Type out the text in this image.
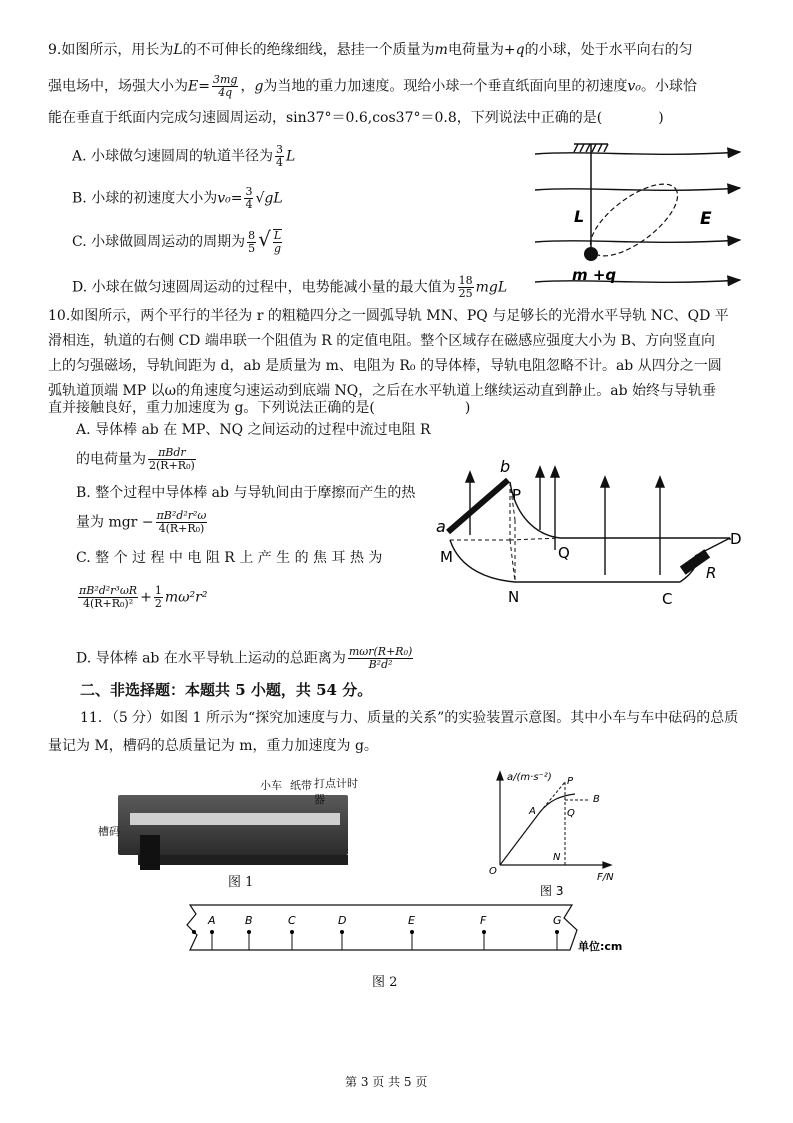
9.如图所示，用长为L的不可伸长的绝缘细线，悬挂一个质量为m电荷量为+q的小球，处于水平向右的匀
强电场中，场强大小为$E= \frac{3mg}{4q}$ ，g为当地的重力加速度。现给小球一个垂直纸面向里的初速度v₀。小球恰
能在垂直于纸面内完成匀速圆周运动，sin37°＝0.6,cos37°＝0.8，下列说法中正确的是(	)
A. 小球做匀速圆周的轨道半径为 $\frac{3}{4}$ L
B. 小球的初速度大小为$v_0= \frac{3}{4} √gL$
C. 小球做圆周运动的周期为 $\frac{8}{5}$ √ $\frac{L}{g}$
D. 小球在做匀速圆周运动的过程中，电势能减小量的最大值为 $\frac{18}{25}$ mgL
L	E
m +q
10.如图所示，两个平行的半径为 r 的粗糙四分之一圆弧导轨 MN、PQ 与足够长的光滑水平导轨 NC、QD 平
滑相连，轨道的右侧 CD 端串联一个阻值为 R 的定值电阻。整个区域存在磁感应强度大小为 B、方向竖直向
上的匀强磁场，导轨间距为 d，ab 是质量为 m、电阻为 R₀ 的导体棒，导轨电阻忽略不计。ab 从四分之一圆
弧轨道顶端 MP 以ω的角速度匀速运动到底端 NQ，之后在水平轨道上继续运动直到静止。ab 始终与导轨垂
直并接触良好，重力加速度为 g。下列说法正确的是(	)
A. 导体棒 ab 在 MP、NQ 之间运动的过程中流过电阻 R
的电荷量为 $\frac{\text{πBdr}}{\text{2(R+R₀)}}$
B. 整个过程中导体棒 ab 与导轨间由于摩擦而产生的热
量为 mgr − $\frac{\text{πB²d²r²ω}}{\text{4(R+R₀)}}$
C. 整 个 过 程 中 电 阻 R 上 产 生 的 焦 耳 热 为
$\frac{\text{πB²d²r³ωR}}{\text{4(R+R₀)²}} + \frac{1}{2} m\omega^2r^2$
D. 导体棒 ab 在水平导轨上运动的总距离为 $\frac{\text{mωr(R+R₀)}}{\text{B²d²}}$
b
a
P
M	Q
N
D
R
C
二、非选择题：本题共 5 小题，共 54 分。
11．（5 分）如图 1 所示为“探究加速度与力、质量的关系”的实验装置示意图。其中小车与车中砝码的总质
量记为 M，槽码的总质量记为 m，重力加速度为 g。
小车 纸带 打点计时器
槽码
图 1
a/(m·s⁻²)
F/N
O
P
A
B
Q
N
图 3
A	B	C	D	E	F	G
单位:cm
图 2
第 3 页 共 5 页
